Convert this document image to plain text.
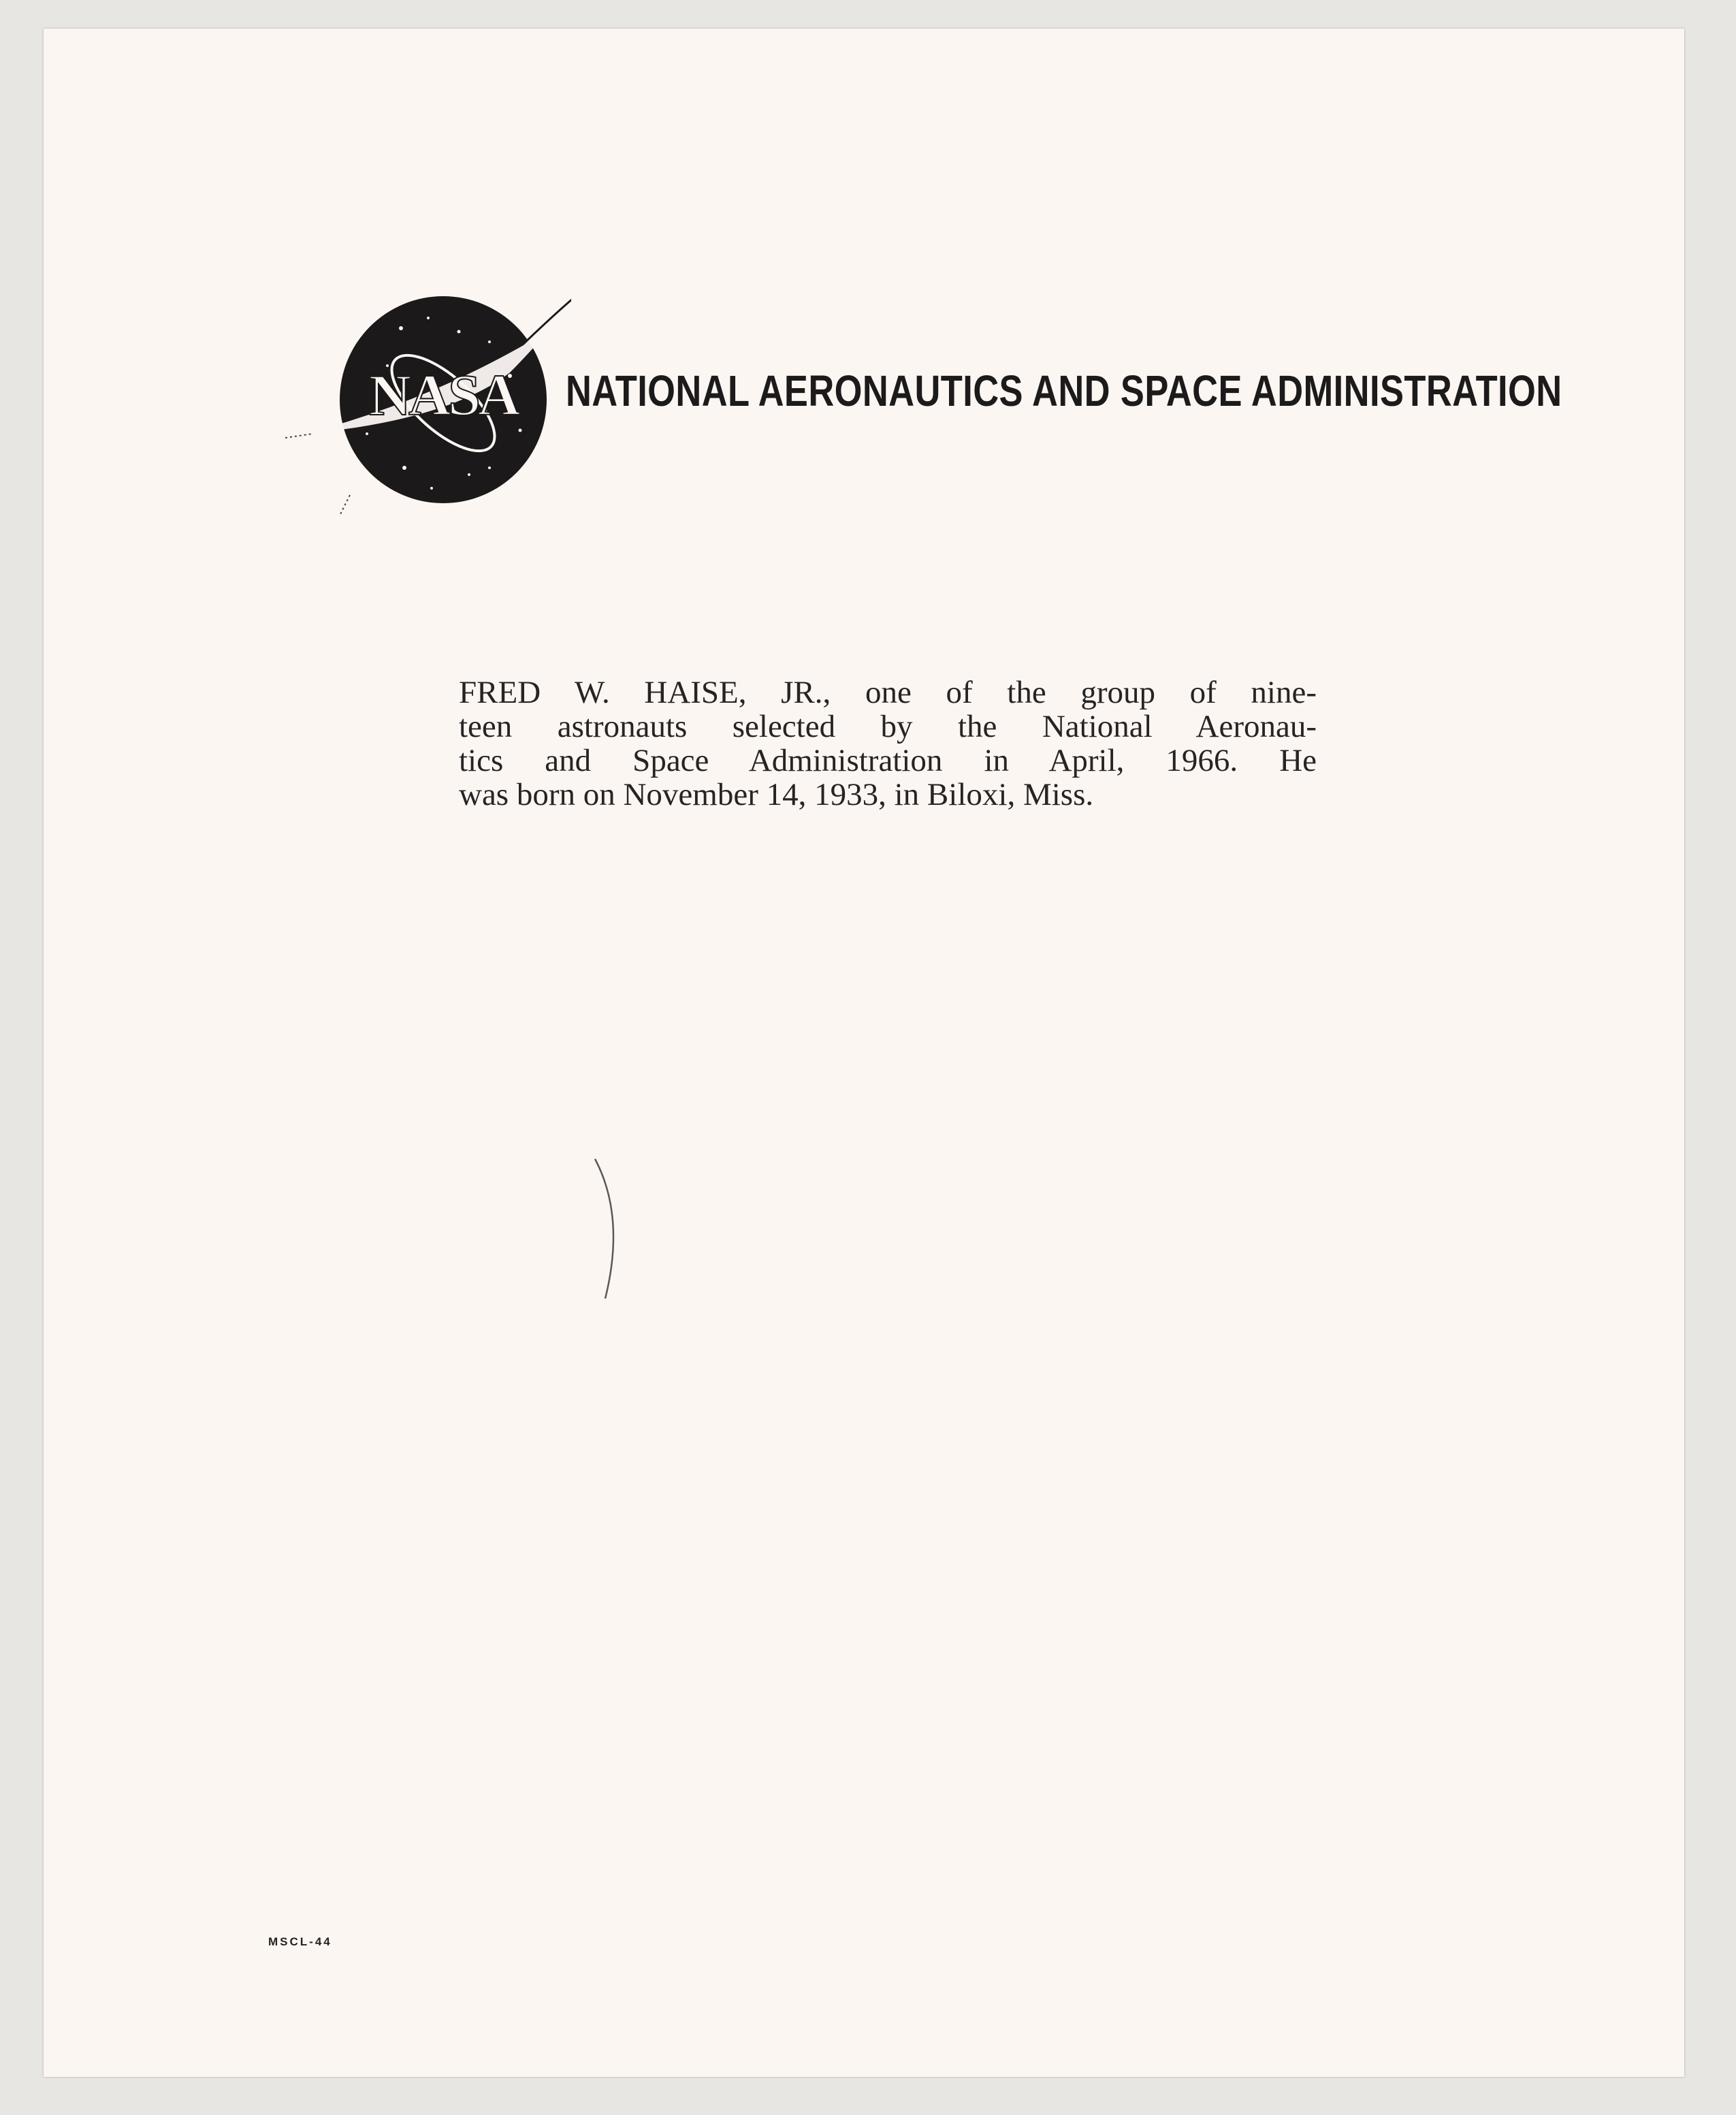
NASA NATIONAL AERONAUTICS AND SPACE ADMINISTRATION
FRED W. HAISE, JR., one of the group of nine-
teen astronauts selected by the National Aeronau-
tics and Space Administration in April, 1966. He
was born on November 14, 1933, in Biloxi, Miss.
MSCL-44
